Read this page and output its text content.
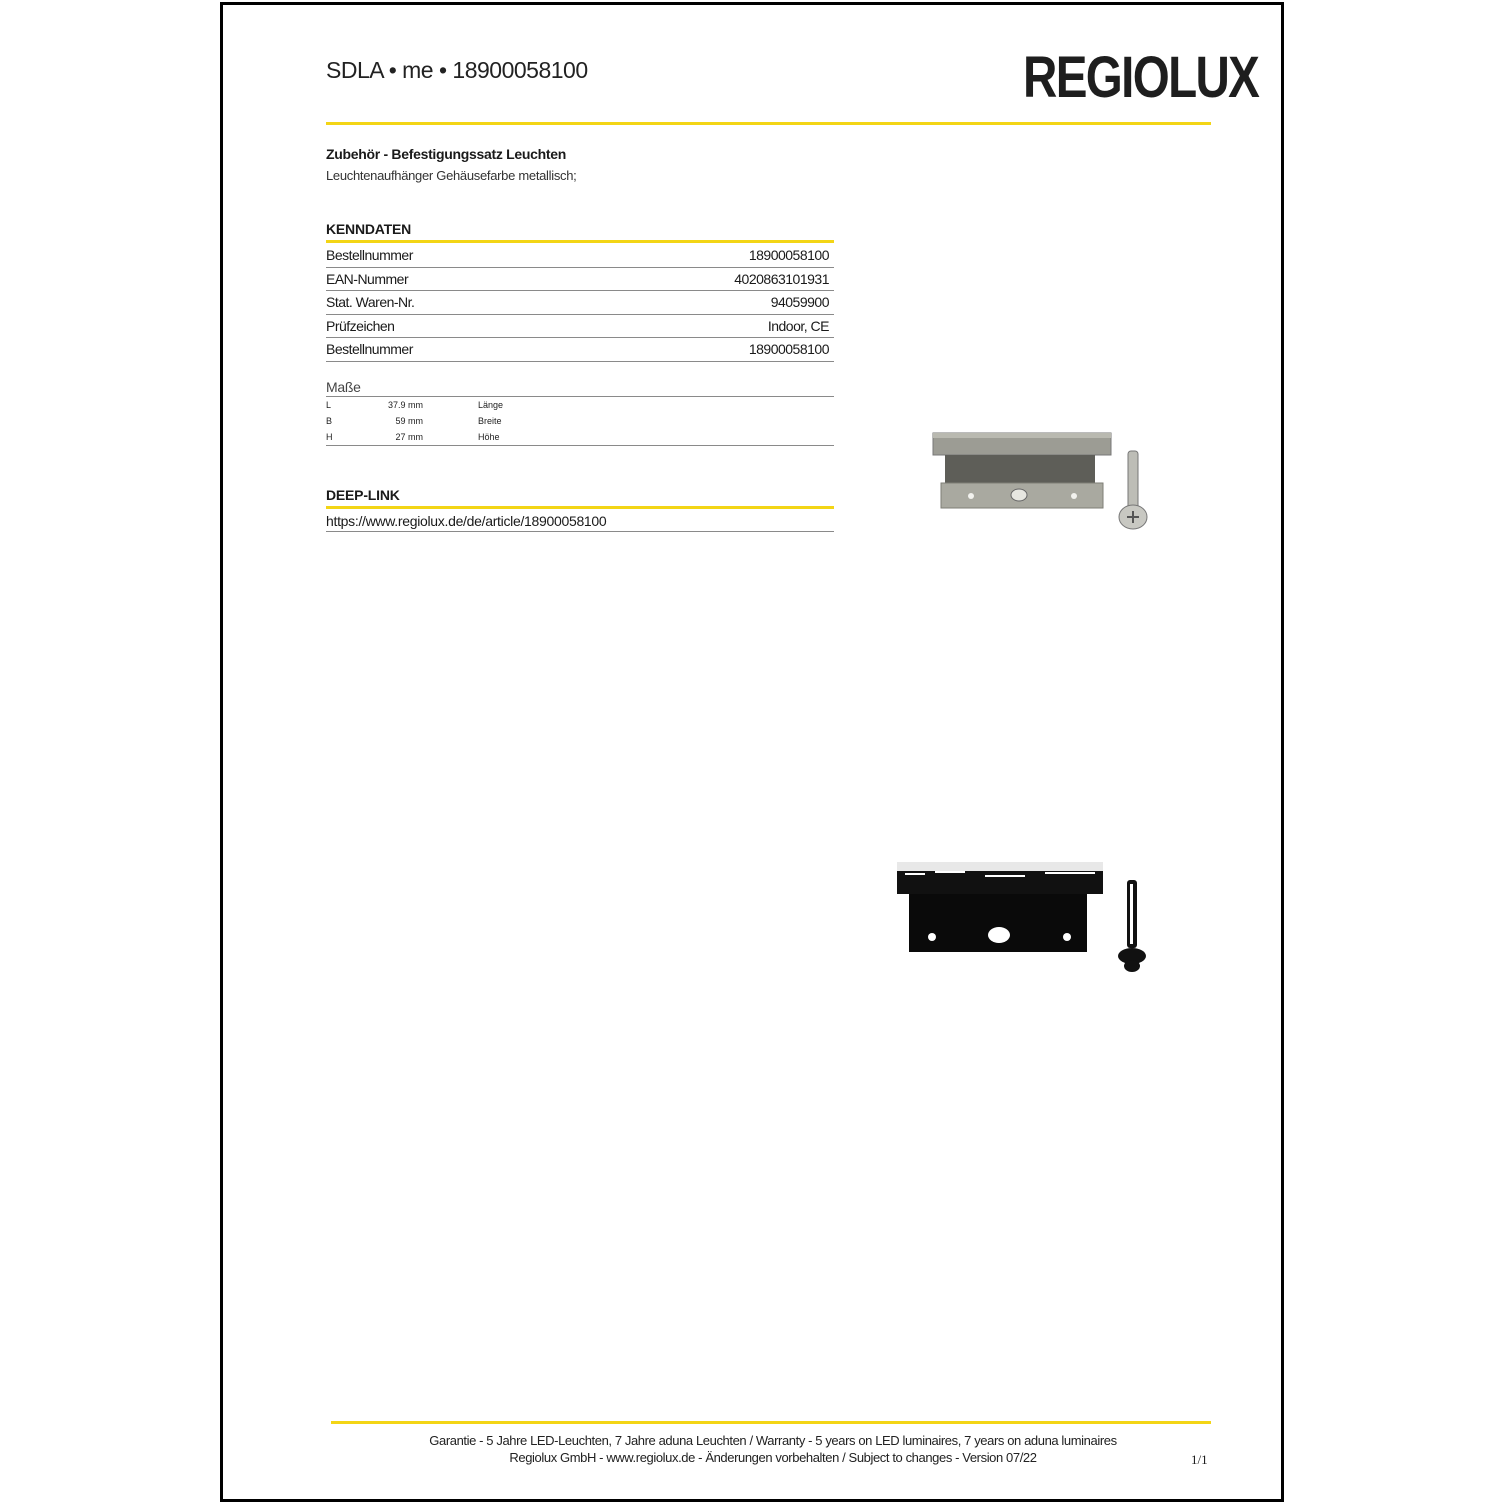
SDLA • me • 18900058100	REGIOLUX
Zubehör - Befestigungssatz Leuchten
Leuchtenaufhänger Gehäusefarbe metallisch;
KENNDATEN
Bestellnummer	18900058100
EAN-Nummer	4020863101931
Stat. Waren-Nr.	94059900
Prüfzeichen	Indoor, CE
Bestellnummer	18900058100
Maße
L	37.9 mm	Länge
B	59 mm	Breite
H	27 mm	Höhe
DEEP-LINK
https://www.regiolux.de/de/article/18900058100
Garantie - 5 Jahre LED-Leuchten, 7 Jahre aduna Leuchten / Warranty - 5 years on LED luminaires, 7 years on aduna luminaires
Regiolux GmbH - www.regiolux.de - Änderungen vorbehalten / Subject to changes - Version 07/22	1/1
